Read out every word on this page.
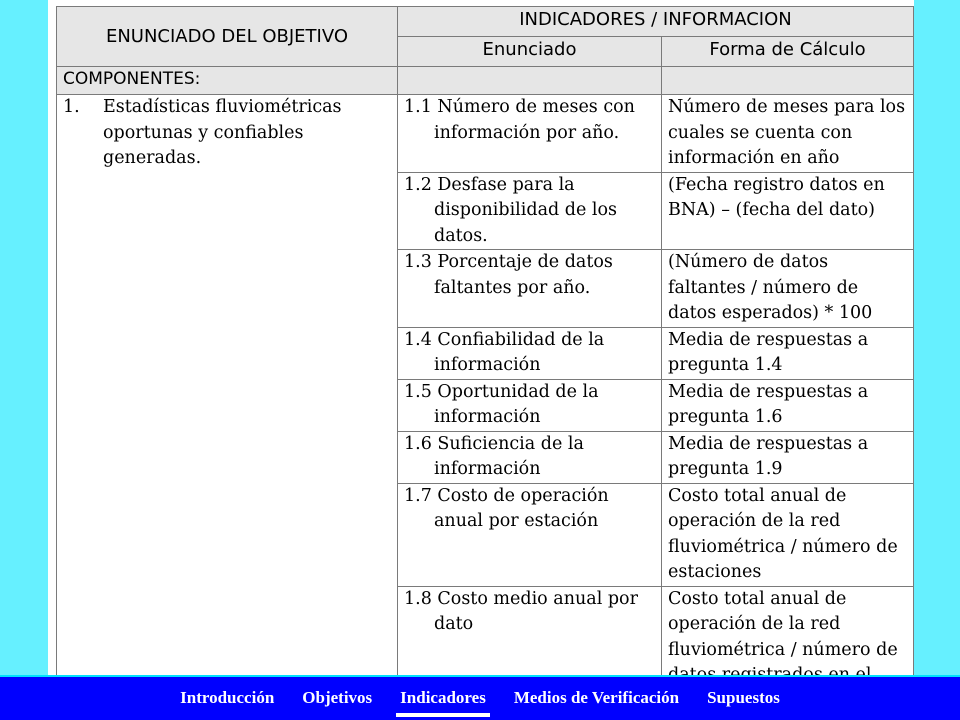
ENUNCIADO DEL OBJETIVO	INDICADORES / INFORMACION	
	Enunciado	Forma de Cálculo
COMPONENTES:		

1. Estadísticas fluviométricas oportunas y confiables generadas.	1.1 Número de meses con información por año.	Número de meses para los cuales se cuenta con información en año

	1.2 Desfase para la disponibilidad de los datos.	(Fecha registro datos en BNA) – (fecha del dato)

	1.3 Porcentaje de datos faltantes por año.	(Número de datos faltantes / número de datos esperados) * 100

	1.4 Confiabilidad de la información	Media de respuestas a pregunta 1.4

	1.5 Oportunidad de la información	Media de respuestas a pregunta 1.6

	1.6 Suficiencia de la información	Media de respuestas a pregunta 1.9

	1.7 Costo de operación anual por estación	Costo total anual de operación de la red fluviométrica / número de estaciones

	1.8 Costo medio anual por dato	Costo total anual de operación de la red fluviométrica / número de
Introducción Objetivos Indicadores Medios de Verificación Supuestos
